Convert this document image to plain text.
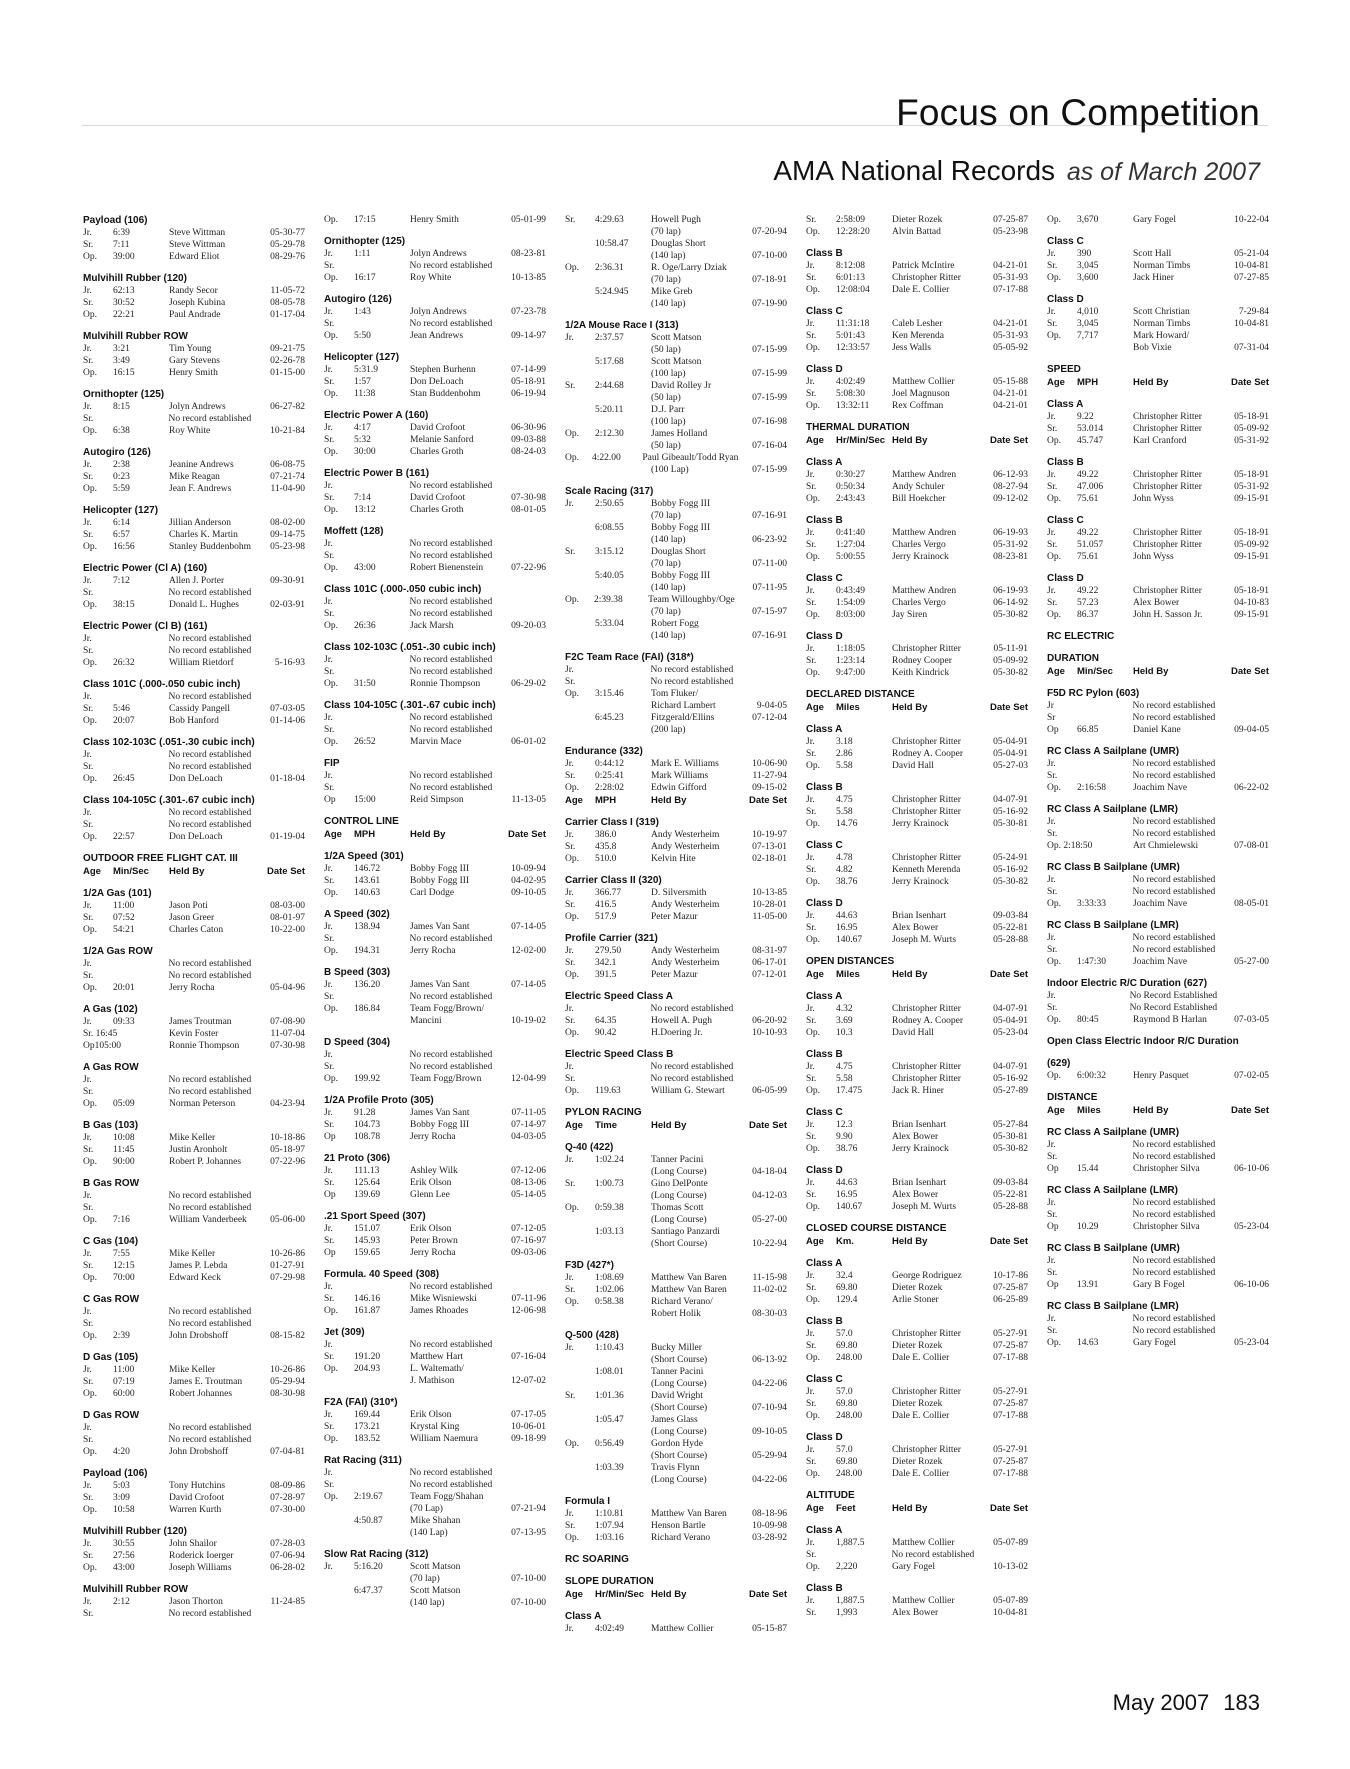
Focus on Competition
AMA National Records as of March 2007
Payload (106)
Jr.	6:39	Steve Wittman	05-30-77
Sr.	7:11	Steve Wittman	05-29-78
Op.	39:00	Edward Eliot	08-29-76
Mulvihill Rubber (120)
Jr.	62:13	Randy Secor	11-05-72
Sr.	30:52	Joseph Kubina	08-05-78
Op.	22:21	Paul Andrade	01-17-04
Mulvihill Rubber ROW
Jr.	3:21	Tim Young	09-21-75
Sr.	3:49	Gary Stevens	02-26-78
Op.	16:15	Henry Smith	01-15-00
Ornithopter (125)
Jr.	8:15	Jolyn Andrews	06-27-82
Sr.	No record established
Op.	6:38	Roy White	10-21-84
Autogiro (126)
Jr.	2:38	Jeanine Andrews	06-08-75
Sr.	0:23	Mike Reagan	07-21-74
Op.	5:59	Jean F. Andrews	11-04-90
Helicopter (127)
Jr.	6:14	Jillian Anderson	08-02-00
Sr.	6:57	Charles K. Martin	09-14-75
Op.	16:56	Stanley Buddenbohm	05-23-98
Electric Power (Cl A) (160)
Jr.	7:12	Allen J. Porter	09-30-91
Sr.	No record established
Op.	38:15	Donald L. Hughes	02-03-91
Electric Power (Cl B) (161)
Jr.	No record established
Sr.	No record established
Op.	26:32	William Rietdorf	5-16-93
Class 101C (.000-.050 cubic inch)
Jr.	No record established
Sr.	5:46	Cassidy Pangell	07-03-05
Op.	20:07	Bob Hanford	01-14-06
Class 102-103C (.051-.30 cubic inch)
Jr.	No record established
Sr.	No record established
Op.	26:45	Don DeLoach	01-18-04
Class 104-105C (.301-.67 cubic inch)
Jr.	No record established
Sr.	No record established
Op.	22:57	Don DeLoach	01-19-04
OUTDOOR FREE FLIGHT CAT. III
Age	Min/Sec	Held By	Date Set
1/2A Gas (101)
Jr.	11:00	Jason Poti	08-03-00
Sr.	07:52	Jason Greer	08-01-97
Op.	54:21	Charles Caton	10-22-00
1/2A Gas ROW
Jr.	No record established
Sr.	No record established
Op.	20:01	Jerry Rocha	05-04-96
A Gas (102)
Jr.	09:33	James Troutman	07-08-90
Sr. 16:45	Kevin Foster	11-07-04
Op105:00	Ronnie Thompson	07-30-98
A Gas ROW
Jr.	No record established
Sr.	No record established
Op.	05:09	Norman Peterson	04-23-94
B Gas (103)
Jr.	10:08	Mike Keller	10-18-86
Sr.	11:45	Justin Aronholt	05-18-97
Op.	90:00	Robert P. Johannes	07-22-96
B Gas ROW
Jr.	No record established
Sr.	No record established
Op.	7:16	William Vanderbeek	05-06-00
C Gas (104)
Jr.	7:55	Mike Keller	10-26-86
Sr.	12:15	James P. Lebda	01-27-91
Op.	70:00	Edward Keck	07-29-98
C Gas ROW
Jr.	No record established
Sr.	No record established
Op.	2:39	John Drobshoff	08-15-82
D Gas (105)
Jr.	11:00	Mike Keller	10-26-86
Sr.	07:19	James E. Troutman	05-29-94
Op.	60:00	Robert Johannes	08-30-98
D Gas ROW
Jr.	No record established
Sr.	No record established
Op.	4:20	John Drobshoff	07-04-81
Payload (106)
Jr.	5:03	Tony Hutchins	08-09-86
Sr.	3:09	David Crofoot	07-28-97
Op.	10:58	Warren Kurth	07-30-00
Mulvihill Rubber (120)
Jr.	30:55	John Shailor	07-28-03
Sr.	27:56	Roderick Ioerger	07-06-94
Op.	43:00	Joseph Williams	06-28-02
Mulvihill Rubber ROW
Jr.	2:12	Jason Thorton	11-24-85
Sr.	No record established
Op.	17:15	Henry Smith	05-01-99
Ornithopter (125)
Jr.	1:11	Jolyn Andrews	08-23-81
Sr.	No record established
Op.	16:17	Roy White	10-13-85
Autogiro (126)
Jr.	1:43	Jolyn Andrews	07-23-78
Sr.	No record established
Op.	5:50	Jean Andrews	09-14-97
Helicopter (127)
Jr.	5:31.9	Stephen Burhenn	07-14-99
Sr.	1:57	Don DeLoach	05-18-91
Op.	11:38	Stan Buddenbohm	06-19-94
Electric Power A (160)
Jr.	4:17	David Crofoot	06-30-96
Sr.	5:32	Melanie Sanford	09-03-88
Op.	30:00	Charles Groth	08-24-03
Electric Power B (161)
Jr.	No record established
Sr.	7:14	David Crofoot	07-30-98
Op.	13:12	Charles Groth	08-01-05
Moffett (128)
Jr.	No record established
Sr.	No record established
Op.	43:00	Robert Bienenstein	07-22-96
Class 101C (.000-.050 cubic inch)
Jr.	No record established
Sr.	No record established
Op.	26:36	Jack Marsh	09-20-03
Class 102-103C (.051-.30 cubic inch)
Jr.	No record established
Sr.	No record established
Op.	31:50	Ronnie Thompson	06-29-02
Class 104-105C (.301-.67 cubic inch)
Jr.	No record established
Sr.	No record established
Op.	26:52	Marvin Mace	06-01-02
FIP
Jr.	No record established
Sr.	No record established
Op	15:00	Reid Simpson	11-13-05
CONTROL LINE
Age	MPH	Held By	Date Set
1/2A Speed (301)
Jr.	146.72	Bobby Fogg III	10-09-94
Sr.	143.61	Bobby Fogg III	04-02-95
Op.	140.63	Carl Dodge	09-10-05
A Speed (302)
Jr.	138.94	James Van Sant	07-14-05
Sr.	No record established
Op.	194.31	Jerry Rocha	12-02-00
B Speed (303)
Jr.	136.20	James Van Sant	07-14-05
Sr.	No record established
Op.	186.84	Team Fogg/Brown/
Mancini	10-19-02
D Speed (304)
Jr.	No record established
Sr.	No record established
Op.	199.92	Team Fogg/Brown	12-04-99
1/2A Profile Proto (305)
Jr.	91.28	James Van Sant	07-11-05
Sr.	104.73	Bobby Fogg III	07-14-97
Op	108.78	Jerry Rocha	04-03-05
21 Proto (306)
Jr.	111.13	Ashley Wilk	07-12-06
Sr.	125.64	Erik Olson	08-13-06
Op	139.69	Glenn Lee	05-14-05
.21 Sport Speed (307)
Jr.	151.07	Erik Olson	07-12-05
Sr.	145.93	Peter Brown	07-16-97
Op	159.65	Jerry Rocha	09-03-06
Formula. 40 Speed (308)
Jr.	No record established
Sr.	146.16	Mike Wisniewski	07-11-96
Op.	161.87	James Rhoades	12-06-98
Jet (309)
Jr.	No record established
Sr.	191.20	Matthew Hart	07-16-04
Op.	204.93	L. Waltemath/
J. Mathison	12-07-02
F2A (FAI) (310*)
Jr.	169.44	Erik Olson	07-17-05
Sr.	173.21	Krystal King	10-06-01
Op.	183.52	William Naemura	09-18-99
Rat Racing (311)
Jr.	No record established
Sr.	No record established
Op.	2:19.67	Team Fogg/Shahan
(70 Lap)	07-21-94
4:50.87	Mike Shahan
(140 Lap)	07-13-95
Slow Rat Racing (312)
Jr.	5:16.20	Scott Matson
(70 lap)	07-10-00
6:47.37	Scott Matson
(140 lap)	07-10-00
Sr.	4:29.63	Howell Pugh
(70 lap)	07-20-94
10:58.47	Douglas Short
(140 lap)	07-10-00
Op.	2:36.31	R. Oge/Larry Dziak
(70 lap)	07-18-91
5:24.945	Mike Greb
(140 lap)	07-19-90
1/2A Mouse Race I (313)
Jr.	2:37.57	Scott Matson
(50 lap)	07-15-99
5:17.68	Scott Matson
(100 lap)	07-15-99
Sr.	2:44.68	David Rolley Jr
(50 lap)	07-15-99
5:20.11	D.J. Parr
(100 lap)	07-16-98
Op.	2:12.30	James Holland
(50 lap)	07-16-04
Op.	4:22.00	Paul Gibeault/Todd Ryan
(100 Lap)	07-15-99
Scale Racing (317)
Jr.	2:50.65	Bobby Fogg III
(70 lap)	07-16-91
6:08.55	Bobby Fogg III
(140 lap)	06-23-92
Sr.	3:15.12	Douglas Short
(70 lap)	07-11-00
5:40.05	Bobby Fogg III
(140 lap)	07-11-95
Op.	2:39.38	Team Willoughby/Oge
(70 lap)	07-15-97
5:33.04	Robert Fogg
(140 lap)	07-16-91
F2C Team Race (FAI) (318*)
Jr.	No record established
Sr.	No record established
Op.	3:15.46	Tom Fluker/
Richard Lambert	9-04-05
6:45.23	Fitzgerald/Ellins	07-12-04
(200 lap)
Endurance (332)
Jr.	0:44:12	Mark E. Williams	10-06-90
Sr.	0:25:41	Mark Williams	11-27-94
Op.	2:28:02	Edwin Gifford	09-15-02
Age	MPH	Held By	Date Set
Carrier Class I (319)
Jr.	386.0	Andy Westerheim	10-19-97
Sr.	435.8	Andy Westerheim	07-13-01
Op.	510.0	Kelvin Hite	02-18-01
Carrier Class II (320)
Jr.	366.77	D. Silversmith	10-13-85
Sr.	416.5	Andy Westerheim	10-28-01
Op.	517.9	Peter Mazur	11-05-00
Profile Carrier (321)
Jr.	279.50	Andy Westerheim	08-31-97
Sr.	342.1	Andy Westerheim	06-17-01
Op.	391.5	Peter Mazur	07-12-01
Electric Speed Class A
Jr.	No record established
Sr.	64.35	Howell A. Pugh	06-20-92
Op.	90.42	H.Doering Jr.	10-10-93
Electric Speed Class B
Jr.	No record established
Sr.	No record established
Op.	119.63	William G. Stewart	06-05-99
PYLON RACING
Age	Time	Held By	Date Set
Q-40 (422)
Jr.	1:02.24	Tanner Pacini
(Long Course)	04-18-04
Sr.	1:00.73	Gino DelPonte
(Long Course)	04-12-03
Op.	0:59.38	Thomas Scott
(Long Course)	05-27-00
1:03.13	Santiago Panzardi
(Short Course)	10-22-94
F3D (427*)
Jr.	1:08.69	Matthew Van Baren	11-15-98
Sr.	1:02.06	Matthew Van Baren	11-02-02
Op.	0:58.38	Richard Verano/
Robert Holik	08-30-03
Q-500 (428)
Jr.	1:10.43	Bucky Miller
(Short Course)	06-13-92
1:08.01	Tanner Pacini
(Long Course)	04-22-06
Sr.	1:01.36	David Wright
(Short Course)	07-10-94
1:05.47	James Glass
(Long Course)	09-10-05
Op.	0:56.49	Gordon Hyde
(Short Course)	05-29-94
1:03.39	Travis Flynn
(Long Course)	04-22-06
Formula I
Jr.	1:10.81	Matthew Van Baren	08-18-96
Sr.	1:07.94	Henson Bartle	10-09-98
Op.	1:03.16	Richard Verano	03-28-92
RC SOARING
SLOPE DURATION
Age	Hr/Min/Sec Held By	Date Set
Class A
Jr.	4:02:49	Matthew Collier	05-15-87
Sr.	2:58:09	Dieter Rozek	07-25-87
Op.	12:28:20	Alvin Battad	05-23-98
Class B
Jr.	8:12:08	Patrick McIntire	04-21-01
Sr.	6:01:13	Christopher Ritter	05-31-93
Op.	12:08:04	Dale E. Collier	07-17-88
Class C
Jr.	11:31:18	Caleb Lesher	04-21-01
Sr.	5:01:43	Ken Merenda	05-31-93
Op.	12:33:57	Jess Walls	05-05-92
Class D
Jr.	4:02:49	Matthew Collier	05-15-88
Sr.	5:08:30	Joel Magnuson	04-21-01
Op.	13:32:11	Rex Coffman	04-21-01
THERMAL DURATION
Age	Hr/Min/Sec Held By	Date Set
Class A
Jr.	0:30:27	Matthew Andren	06-12-93
Sr.	0:50:34	Andy Schuler	08-27-94
Op.	2:43:43	Bill Hoekcher	09-12-02
Class B
Jr.	0:41:40	Matthew Andren	06-19-93
Sr.	1:27:04	Charles Vergo	05-31-92
Op.	5:00:55	Jerry Krainock	08-23-81
Class C
Jr.	0:43:49	Matthew Andren	06-19-93
Sr.	1:54:09	Charles Vergo	06-14-92
Op.	8:03:00	Jay Siren	05-30-82
Class D
Jr.	1:18:05	Christopher Ritter	05-11-91
Sr.	1:23:14	Rodney Cooper	05-09-92
Op.	9:47:00	Keith Kindrick	05-30-82
DECLARED DISTANCE
Age	Miles	Held By	Date Set
Class A
Jr.	3.18	Christopher Ritter	05-04-91
Sr.	2.86	Rodney A. Cooper	05-04-91
Op.	5.58	David Hall	05-27-03
Class B
Jr.	4.75	Christopher Ritter	04-07-91
Sr.	5.58	Christopher Ritter	05-16-92
Op.	14.76	Jerry Krainock	05-30-81
Class C
Jr.	4.78	Christopher Ritter	05-24-91
Sr.	4.82	Kenneth Merenda	05-16-92
Op.	38.76	Jerry Krainock	05-30-82
Class D
Jr.	44.63	Brian Isenhart	09-03-84
Sr.	16.95	Alex Bower	05-22-81
Op.	140.67	Joseph M. Wurts	05-28-88
OPEN DISTANCES
Age	Miles	Held By	Date Set
Class A
Jr.	4.32	Christopher Ritter	04-07-91
Sr.	3.69	Rodney A. Cooper	05-04-91
Op.	10.3	David Hall	05-23-04
Class B
Jr.	4.75	Christopher Ritter	04-07-91
Sr.	5.58	Christopher Ritter	05-16-92
Op.	17.475	Jack R. Hiner	05-27-89
Class C
Jr.	12.3	Brian Isenhart	05-27-84
Sr.	9.90	Alex Bower	05-30-81
Op.	38.76	Jerry Krainock	05-30-82
Class D
Jr.	44.63	Brian Isenhart	09-03-84
Sr.	16.95	Alex Bower	05-22-81
Op.	140.67	Joseph M. Wurts	05-28-88
CLOSED COURSE DISTANCE
Age	Km.	Held By	Date Set
Class A
Jr.	32.4	George Rodriguez	10-17-86
Sr.	69.80	Dieter Rozek	07-25-87
Op.	129.4	Arlie Stoner	06-25-89
Class B
Jr.	57.0	Christopher Ritter	05-27-91
Sr.	69.80	Dieter Rozek	07-25-87
Op.	248.00	Dale E. Collier	07-17-88
Class C
Jr.	57.0	Christopher Ritter	05-27-91
Sr.	69.80	Dieter Rozek	07-25-87
Op.	248.00	Dale E. Collier	07-17-88
Class D
Jr.	57.0	Christopher Ritter	05-27-91
Sr.	69.80	Dieter Rozek	07-25-87
Op.	248.00	Dale E. Collier	07-17-88
ALTITUDE
Age	Feet	Held By	Date Set
Class A
Jr.	1,887.5	Matthew Collier	05-07-89
Sr.	No record established
Op.	2,220	Gary Fogel	10-13-02
Class B
Jr.	1,887.5	Matthew Collier	05-07-89
Sr.	1,993	Alex Bower	10-04-81
Op.	3,670	Gary Fogel	10-22-04
Class C
Jr.	390	Scott Hall	05-21-04
Sr.	3,045	Norman Timbs	10-04-81
Op.	3,600	Jack Hiner	07-27-85
Class D
Jr.	4,010	Scott Christian	7-29-84
Sr.	3,045	Norman Timbs	10-04-81
Op.	7,717	Mark Howard/
Bob Vixie	07-31-04
SPEED
Age	MPH	Held By	Date Set
Class A
Jr.	9.22	Christopher Ritter	05-18-91
Sr.	53.014	Christopher Ritter	05-09-92
Op.	45.747	Karl Cranford	05-31-92
Class B
Jr.	49.22	Christopher Ritter	05-18-91
Sr.	47.006	Christopher Ritter	05-31-92
Op.	75.61	John Wyss	09-15-91
Class C
Jr.	49.22	Christopher Ritter	05-18-91
Sr.	51.057	Christopher Ritter	05-09-92
Op.	75.61	John Wyss	09-15-91
Class D
Jr.	49.22	Christopher Ritter	05-18-91
Sr.	57.23	Alex Bower	04-10-83
Op.	86.37	John H. Sasson Jr.	09-15-91
RC ELECTRIC
DURATION
Age	Min/Sec	Held By	Date Set
F5D RC Pylon (603)
Jr	No record established
Sr	No record established
Op	66.85	Daniel Kane	09-04-05
RC Class A Sailplane (UMR)
Jr.	No record established
Sr.	No record established
Op.	2:16:58	Joachim Nave	06-22-02
RC Class A Sailplane (LMR)
Jr.	No record established
Sr.	No record established
Op. 2:18:50	Art Chmielewski	07-08-01
RC Class B Sailplane (UMR)
Jr.	No record established
Sr.	No record established
Op.	3:33:33	Joachim Nave	08-05-01
RC Class B Sailplane (LMR)
Jr.	No record established
Sr.	No record established
Op.	1:47:30	Joachim Nave	05-27-00
Indoor Electric R/C Duration (627)
Jr.	No Record Established
Sr.	No Record Established
Op.	80:45	Raymond B Harlan	07-03-05
Open Class Electric Indoor R/C Duration
(629)
Op.	6:00:32	Henry Pasquet	07-02-05
DISTANCE
Age	Miles	Held By	Date Set
RC Class A Sailplane (UMR)
Jr.	No record established
Sr.	No record established
Op	15.44	Christopher Silva	06-10-06
RC Class A Sailplane (LMR)
Jr.	No record established
Sr.	No record established
Op	10.29	Christopher Silva	05-23-04
RC Class B Sailplane (UMR)
Jr.	No record established
Sr.	No record established
Op	13.91	Gary B Fogel	06-10-06
RC Class B Sailplane (LMR)
Jr.	No record established
Sr.	No record established
Op.	14.63	Gary Fogel	05-23-04
May 2007 183
